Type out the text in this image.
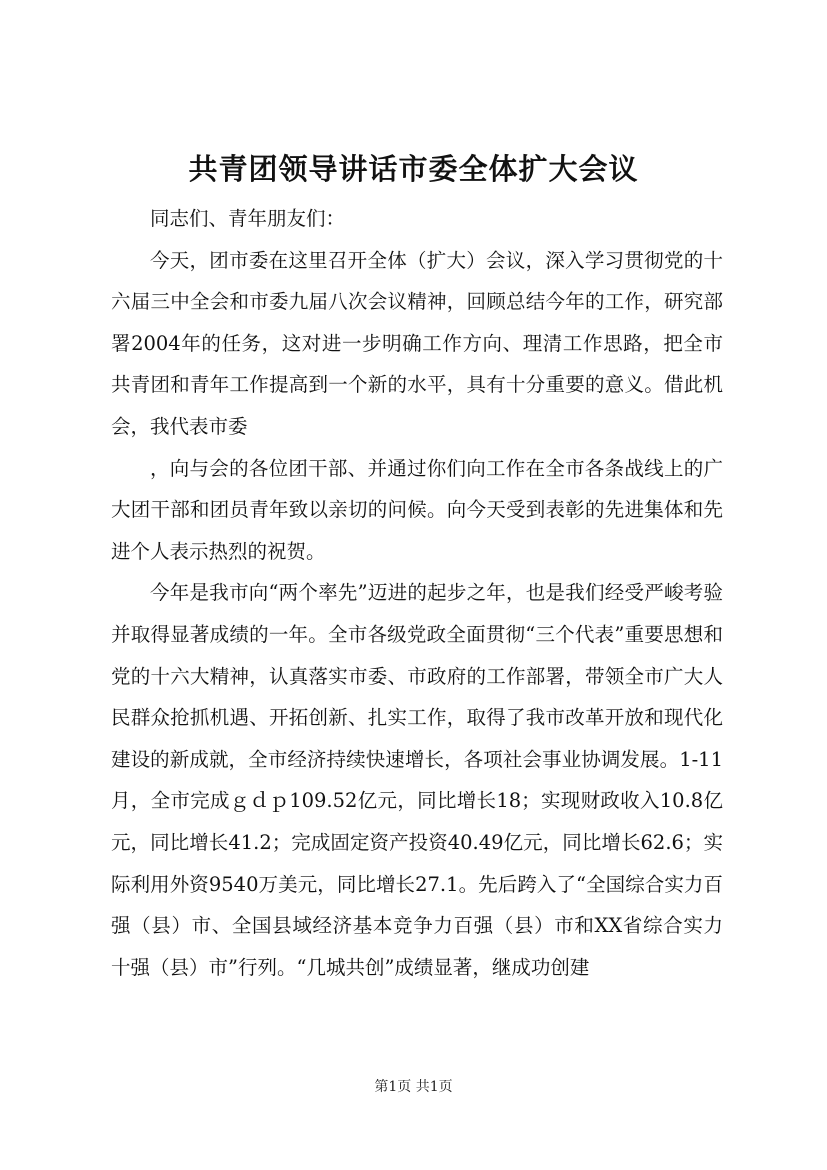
共青团领导讲话市委全体扩大会议

同志们、青年朋友们：

今天，团市委在这里召开全体（扩大）会议，深入学习贯彻党的十六届三中全会和市委九届八次会议精神，回顾总结今年的工作，研究部署2004年的任务，这对进一步明确工作方向、理清工作思路，把全市共青团和青年工作提高到一个新的水平，具有十分重要的意义。借此机会，我代表市委

，向与会的各位团干部、并通过你们向工作在全市各条战线上的广大团干部和团员青年致以亲切的问候。向今天受到表彰的先进集体和先进个人表示热烈的祝贺。

今年是我市向“两个率先”迈进的起步之年，也是我们经受严峻考验并取得显著成绩的一年。全市各级党政全面贯彻“三个代表”重要思想和党的十六大精神，认真落实市委、市政府的工作部署，带领全市广大人民群众抢抓机遇、开拓创新、扎实工作，取得了我市改革开放和现代化建设的新成就，全市经济持续快速增长，各项社会事业协调发展。1-11月，全市完成ｇｄｐ109.52亿元，同比增长18；实现财政收入10.8亿元，同比增长41.2；完成固定资产投资40.49亿元，同比增长62.6；实际利用外资9540万美元，同比增长27.1。先后跨入了“全国综合实力百强（县）市、全国县域经济基本竞争力百强（县）市和XX省综合实力十强（县）市”行列。“几城共创”成绩显著，继成功创建

第1页 共1页
